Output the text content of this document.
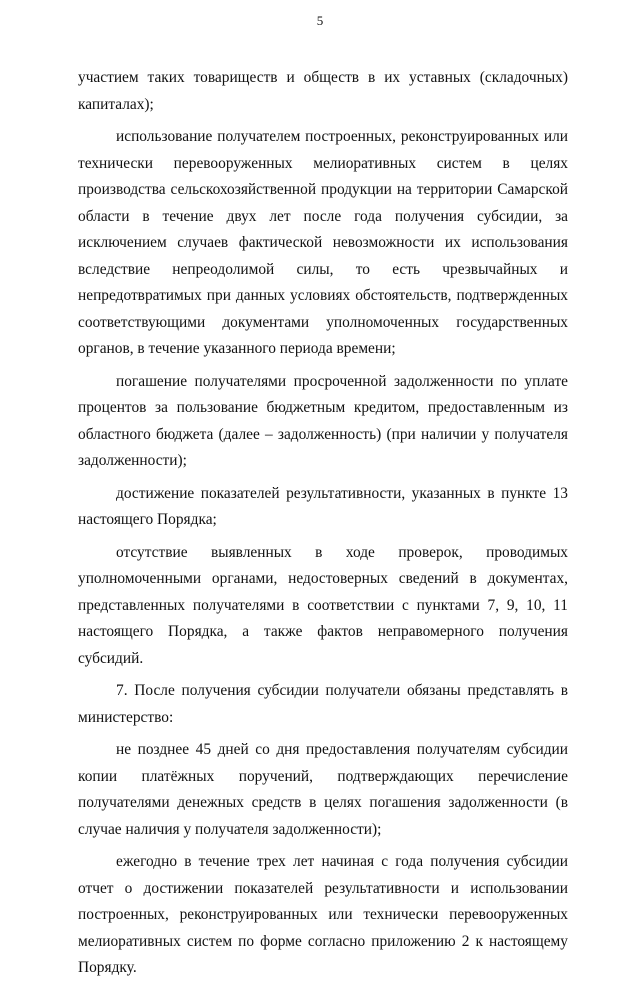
5

участием таких товариществ и обществ в их уставных (складочных) капиталах);

использование получателем построенных, реконструированных или технически перевооруженных мелиоративных систем в целях производства сельскохозяйственной продукции на территории Самарской области в течение двух лет после года получения субсидии, за исключением случаев фактической невозможности их использования вследствие непреодолимой силы, то есть чрезвычайных и непредотвратимых при данных условиях обстоятельств, подтвержденных соответствующими документами уполномоченных государственных органов, в течение указанного периода времени;

погашение получателями просроченной задолженности по уплате процентов за пользование бюджетным кредитом, предоставленным из областного бюджета (далее – задолженность) (при наличии у получателя задолженности);

достижение показателей результативности, указанных в пункте 13 настоящего Порядка;

отсутствие выявленных в ходе проверок, проводимых уполномоченными органами, недостоверных сведений в документах, представленных получателями в соответствии с пунктами 7, 9, 10, 11 настоящего Порядка, а также фактов неправомерного получения субсидий.

7. После получения субсидии получатели обязаны представлять в министерство:

не позднее 45 дней со дня предоставления получателям субсидии копии платёжных поручений, подтверждающих перечисление получателями денежных средств в целях погашения задолженности (в случае наличия у получателя задолженности);

ежегодно в течение трех лет начиная с года получения субсидии отчет о достижении показателей результативности и использовании построенных, реконструированных или технически перевооруженных мелиоративных систем по форме согласно приложению 2 к настоящему Порядку.
